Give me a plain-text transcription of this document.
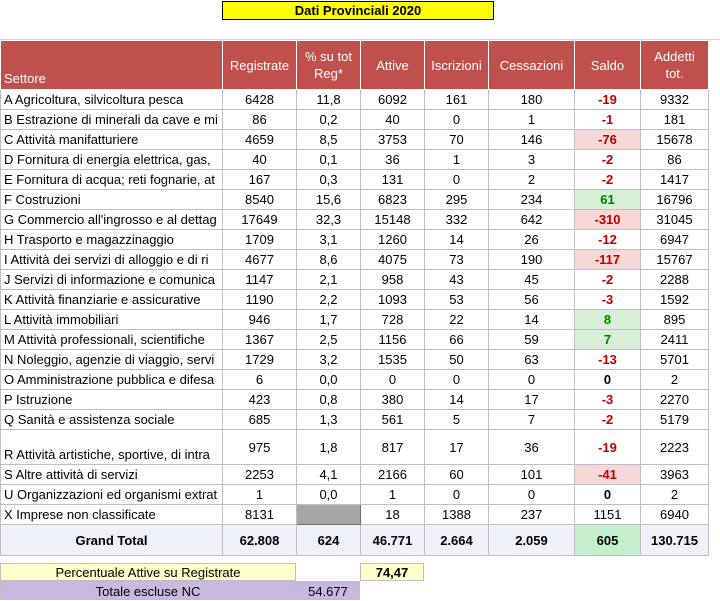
Dati Provinciali 2020
Settore	Registrate	% su tot Reg*	Attive	Iscrizioni	Cessazioni	Saldo	Addetti tot.
A Agricoltura, silvicoltura pesca	6428	11,8	6092	161	180	-19	9332
B Estrazione di minerali da cave e mi	86	0,2	40	0	1	-1	181
C Attività manifatturiere	4659	8,5	3753	70	146	-76	15678
D Fornitura di energia elettrica, gas,	40	0,1	36	1	3	-2	86
E Fornitura di acqua; reti fognarie, at	167	0,3	131	0	2	-2	1417
F Costruzioni	8540	15,6	6823	295	234	61	16796
G Commercio all'ingrosso e al dettag	17649	32,3	15148	332	642	-310	31045
H Trasporto e magazzinaggio	1709	3,1	1260	14	26	-12	6947
I Attività dei servizi di alloggio e di ri	4677	8,6	4075	73	190	-117	15767
J Servizi di informazione e comunica	1147	2,1	958	43	45	-2	2288
K Attività finanziarie e assicurative	1190	2,2	1093	53	56	-3	1592
L Attività immobiliari	946	1,7	728	22	14	8	895
M Attività professionali, scientifiche	1367	2,5	1156	66	59	7	2411
N Noleggio, agenzie di viaggio, servi	1729	3,2	1535	50	63	-13	5701
O Amministrazione pubblica e difesa	6	0,0	0	0	0	0	2
P Istruzione	423	0,8	380	14	17	-3	2270
Q Sanità e assistenza sociale	685	1,3	561	5	7	-2	5179
R Attività artistiche, sportive, di intra	975	1,8	817	17	36	-19	2223
S Altre attività di servizi	2253	4,1	2166	60	101	-41	3963
U Organizzazioni ed organismi extrat	1	0,0	1	0	0	0	2
X Imprese non classificate	8131		18	1388	237	1151	6940
Grand Total	62.808	624	46.771	2.664	2.059	605	130.715
Percentuale Attive su Registrate	74,47
Totale escluse NC	54.677
